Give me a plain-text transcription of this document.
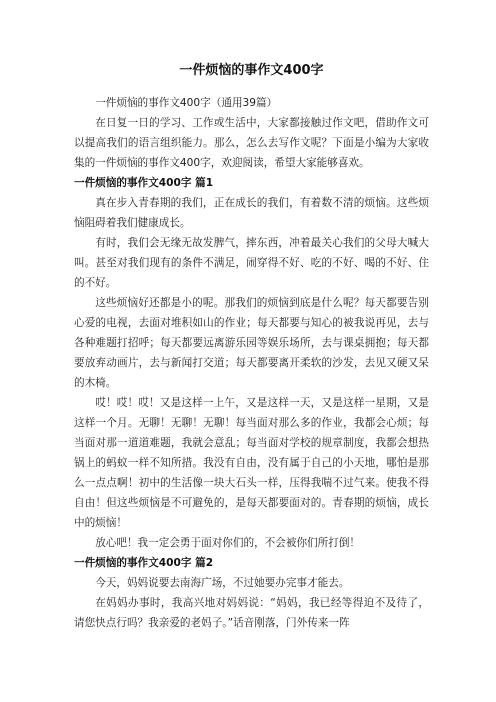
一件烦恼的事作文400字

一件烦恼的事作文400字（通用39篇）

在日复一日的学习、工作或生活中，大家都接触过作文吧，借助作文可以提高我们的语言组织能力。那么，怎么去写作文呢？下面是小编为大家收集的一件烦恼的事作文400字，欢迎阅读，希望大家能够喜欢。

一件烦恼的事作文400字 篇1

真在步入青春期的我们，正在成长的我们，有着数不清的烦恼。这些烦恼阻碍着我们健康成长。

有时，我们会无缘无故发脾气，摔东西，冲着最关心我们的父母大喊大叫。甚至对我们现有的条件不满足，闹穿得不好、吃的不好、喝的不好、住的不好。

这些烦恼好还都是小的呢。那我们的烦恼到底是什么呢？每天都要告别心爱的电视，去面对堆积如山的作业；每天都要与知心的被我说再见，去与各种难题打招呼；每天都要远离游乐园等娱乐场所，去与课桌拥抱；每天都要放弃动画片，去与新闻打交道；每天都要离开柔软的沙发，去见又硬又呆的木椅。

哎！哎！哎！又是这样一上午，又是这样一天，又是这样一星期，又是这样一个月。无聊！无聊！无聊！每当面对那么多的作业，我都会心烦；每当面对那一道道难题，我就会意乱；每当面对学校的规章制度，我都会想热锅上的蚂蚁一样不知所措。我没有自由，没有属于自己的小天地，哪怕是那么一点点啊！初中的生活像一块大石头一样，压得我喘不过气来。使我不得自由！但这些烦恼是不可避免的，是每天都要面对的。青春期的烦恼，成长中的烦恼！

放心吧！我一定会勇于面对你们的，不会被你们所打倒！

一件烦恼的事作文400字 篇2

今天，妈妈说要去南海广场，不过她要办完事才能去。

在妈妈办事时，我高兴地对妈妈说：“妈妈，我已经等得迫不及待了，请您快点行吗？我亲爱的老妈子。”话音刚落，门外传来一阵
